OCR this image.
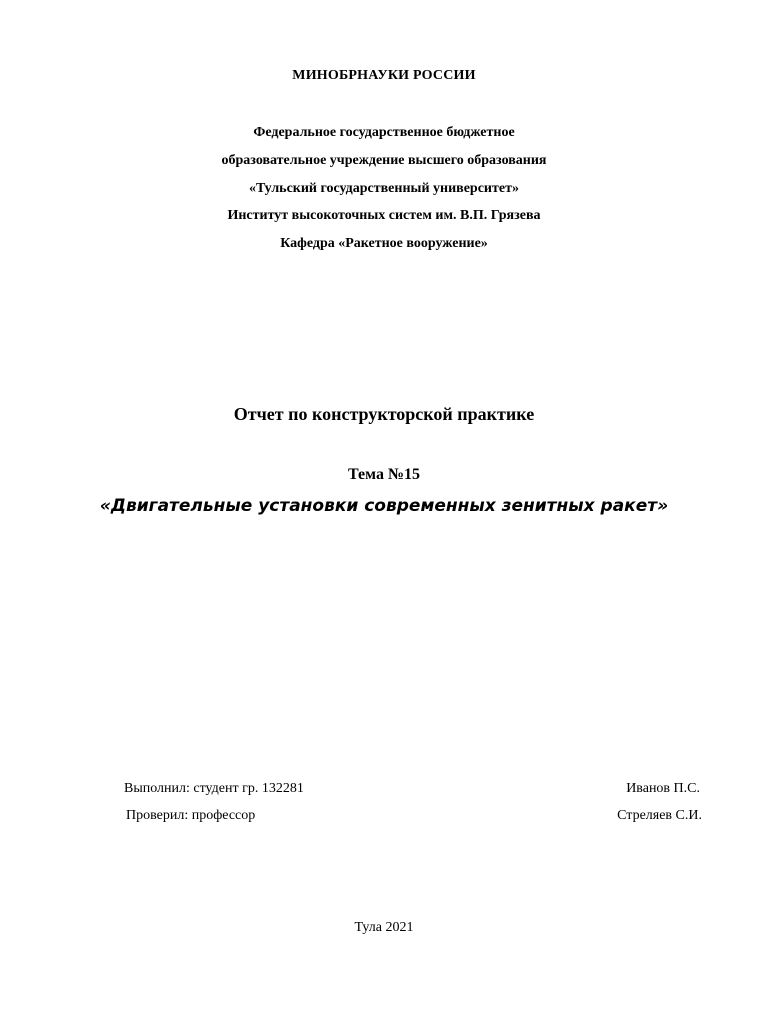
МИНОБРНАУКИ РОССИИ
Федеральное государственное бюджетное
образовательное учреждение высшего образования
«Тульский государственный университет»
Институт высокоточных систем им. В.П. Грязева
Кафедра «Ракетное вооружение»
Отчет по конструкторской практике
Тема №15
«Двигательные установки современных зенитных ракет»
Выполнил: студент гр. 132281	Иванов П.С.
Проверил: профессор	Стреляев С.И.
Тула 2021
